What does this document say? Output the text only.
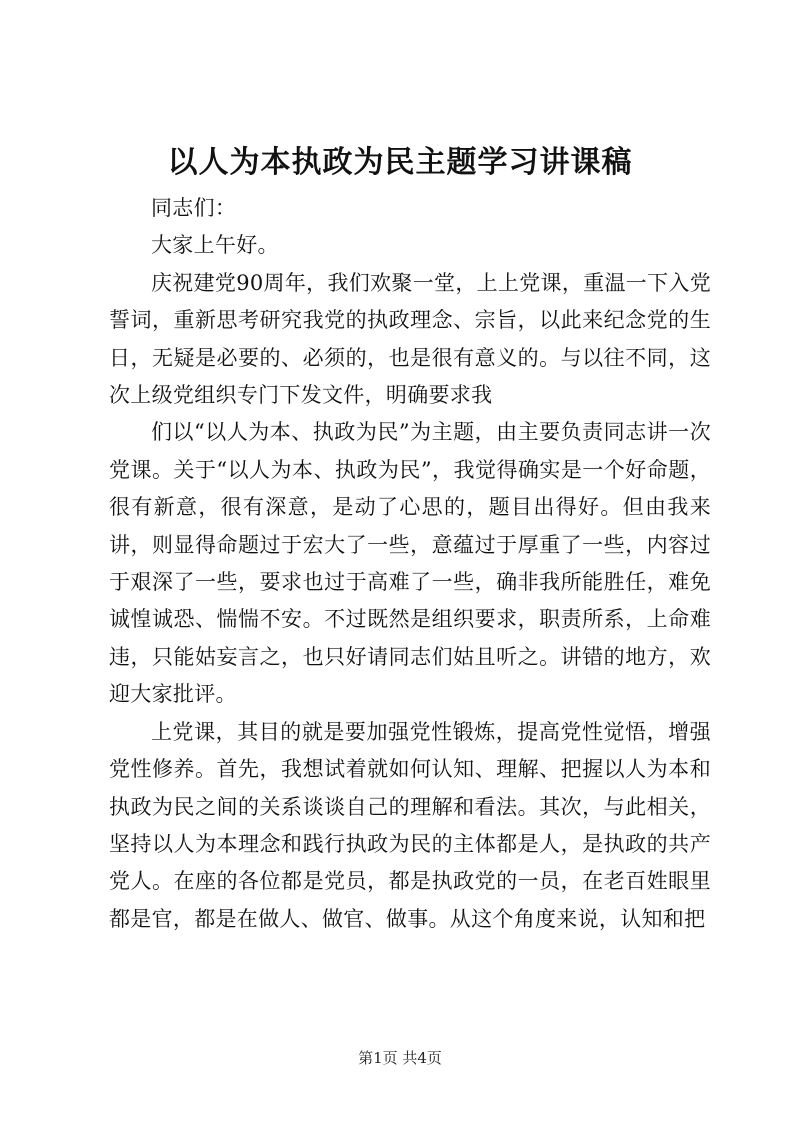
以人为本执政为民主题学习讲课稿

同志们：

大家上午好。

庆祝建党90周年，我们欢聚一堂，上上党课，重温一下入党誓词，重新思考研究我党的执政理念、宗旨，以此来纪念党的生日，无疑是必要的、必须的，也是很有意义的。与以往不同，这次上级党组织专门下发文件，明确要求我

们以“以人为本、执政为民”为主题，由主要负责同志讲一次党课。关于“以人为本、执政为民”，我觉得确实是一个好命题，很有新意，很有深意，是动了心思的，题目出得好。但由我来讲，则显得命题过于宏大了一些，意蕴过于厚重了一些，内容过于艰深了一些，要求也过于高难了一些，确非我所能胜任，难免诚惶诚恐、惴惴不安。不过既然是组织要求，职责所系，上命难违，只能姑妄言之，也只好请同志们姑且听之。讲错的地方，欢迎大家批评。

上党课，其目的就是要加强党性锻炼，提高党性觉悟，增强党性修养。首先，我想试着就如何认知、理解、把握以人为本和执政为民之间的关系谈谈自己的理解和看法。其次，与此相关，坚持以人为本理念和践行执政为民的主体都是人，是执政的共产党人。在座的各位都是党员，都是执政党的一员，在老百姓眼里都是官，都是在做人、做官、做事。从这个角度来说，认知和把

第1页 共4页
